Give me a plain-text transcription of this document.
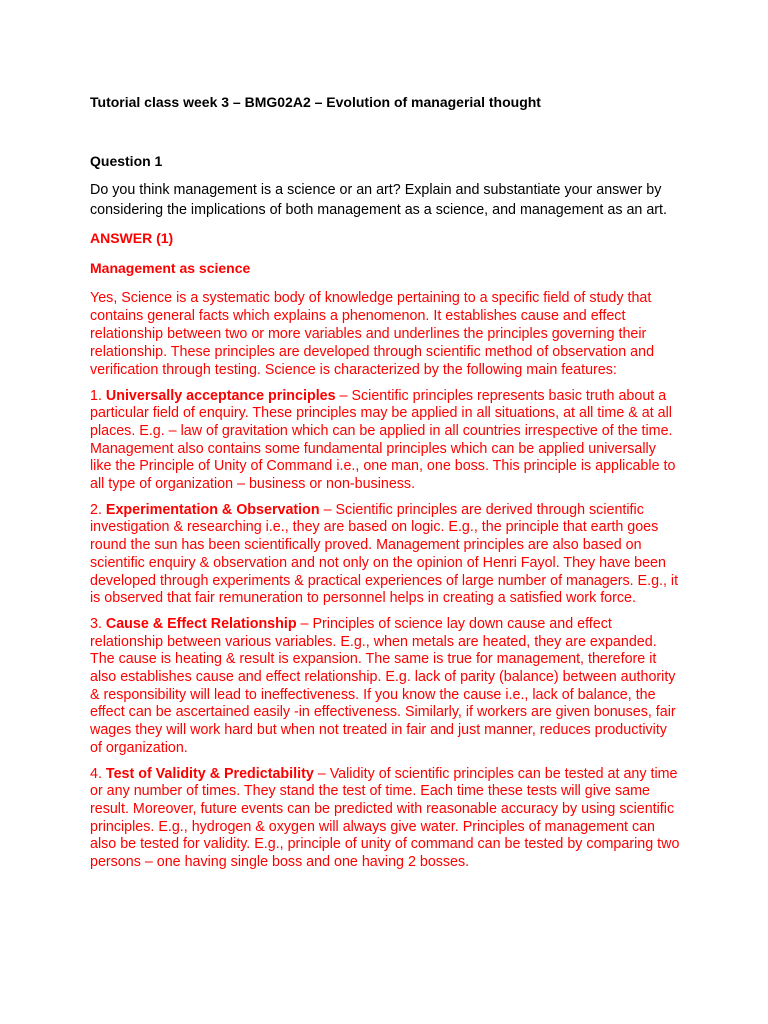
Tutorial class week 3 – BMG02A2 – Evolution of managerial thought

Question 1

Do you think management is a science or an art? Explain and substantiate your answer by considering the implications of both management as a science, and management as an art.

ANSWER (1)

Management as science

Yes, Science is a systematic body of knowledge pertaining to a specific field of study that contains general facts which explains a phenomenon. It establishes cause and effect relationship between two or more variables and underlines the principles governing their relationship. These principles are developed through scientific method of observation and verification through testing. Science is characterized by the following main features:

1. Universally acceptance principles – Scientific principles represents basic truth about a particular field of enquiry. These principles may be applied in all situations, at all time & at all places. E.g. – law of gravitation which can be applied in all countries irrespective of the time. Management also contains some fundamental principles which can be applied universally like the Principle of Unity of Command i.e., one man, one boss. This principle is applicable to all type of organization – business or non-business.

2. Experimentation & Observation – Scientific principles are derived through scientific investigation & researching i.e., they are based on logic. E.g., the principle that earth goes round the sun has been scientifically proved. Management principles are also based on scientific enquiry & observation and not only on the opinion of Henri Fayol. They have been developed through experiments & practical experiences of large number of managers. E.g., it is observed that fair remuneration to personnel helps in creating a satisfied work force.

3. Cause & Effect Relationship – Principles of science lay down cause and effect relationship between various variables. E.g., when metals are heated, they are expanded. The cause is heating & result is expansion. The same is true for management, therefore it also establishes cause and effect relationship. E.g. lack of parity (balance) between authority & responsibility will lead to ineffectiveness. If you know the cause i.e., lack of balance, the effect can be ascertained easily -in effectiveness. Similarly, if workers are given bonuses, fair wages they will work hard but when not treated in fair and just manner, reduces productivity of organization.

4. Test of Validity & Predictability – Validity of scientific principles can be tested at any time or any number of times. They stand the test of time. Each time these tests will give same result. Moreover, future events can be predicted with reasonable accuracy by using scientific principles. E.g., hydrogen & oxygen will always give water. Principles of management can also be tested for validity. E.g., principle of unity of command can be tested by comparing two persons – one having single boss and one having 2 bosses.
